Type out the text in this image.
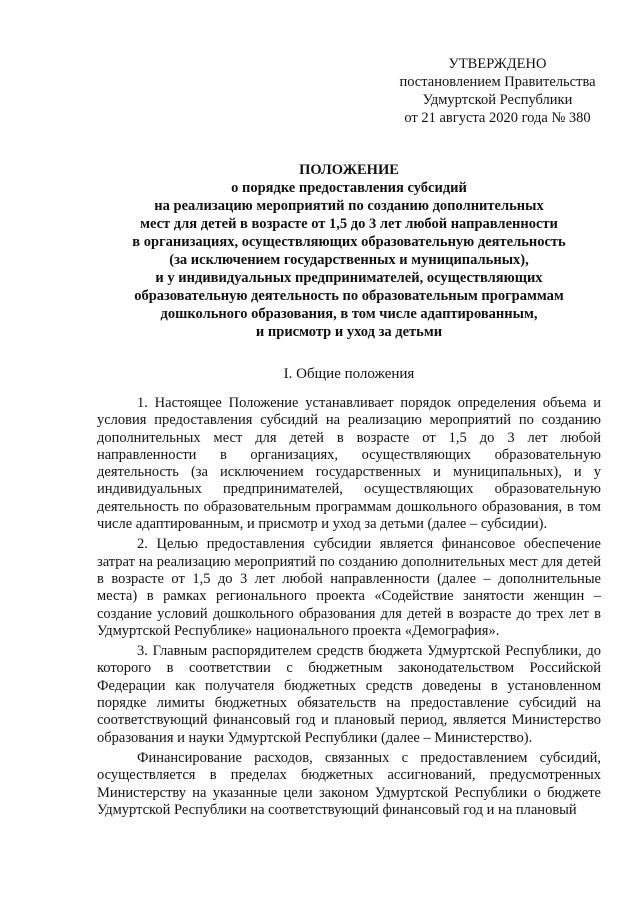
УТВЕРЖДЕНО
постановлением Правительства
Удмуртской Республики
от 21 августа 2020 года № 380
ПОЛОЖЕНИЕ
о порядке предоставления субсидий
на реализацию мероприятий по созданию дополнительных
мест для детей в возрасте от 1,5 до 3 лет любой направленности
в организациях, осуществляющих образовательную деятельность
(за исключением государственных и муниципальных),
и у индивидуальных предпринимателей, осуществляющих
образовательную деятельность по образовательным программам
дошкольного образования, в том числе адаптированным,
и присмотр и уход за детьми
I. Общие положения

1. Настоящее Положение устанавливает порядок определения объема и условия предоставления субсидий на реализацию мероприятий по созданию дополнительных мест для детей в возрасте от 1,5 до 3 лет любой направленности в организациях, осуществляющих образовательную деятельность (за исключением государственных и муниципальных), и у индивидуальных предпринимателей, осуществляющих образовательную деятельность по образовательным программам дошкольного образования, в том числе адаптированным, и присмотр и уход за детьми (далее – субсидии).

2. Целью предоставления субсидии является финансовое обеспечение затрат на реализацию мероприятий по созданию дополнительных мест для детей в возрасте от 1,5 до 3 лет любой направленности (далее – дополнительные места) в рамках регионального проекта «Содействие занятости женщин – создание условий дошкольного образования для детей в возрасте до трех лет в Удмуртской Республике» национального проекта «Демография».

3. Главным распорядителем средств бюджета Удмуртской Республики, до которого в соответствии с бюджетным законодательством Российской Федерации как получателя бюджетных средств доведены в установленном порядке лимиты бюджетных обязательств на предоставление субсидий на соответствующий финансовый год и плановый период, является Министерство образования и науки Удмуртской Республики (далее – Министерство).

Финансирование расходов, связанных с предоставлением субсидий, осуществляется в пределах бюджетных ассигнований, предусмотренных Министерству на указанные цели законом Удмуртской Республики о бюджете Удмуртской Республики на соответствующий финансовый год и на плановый
